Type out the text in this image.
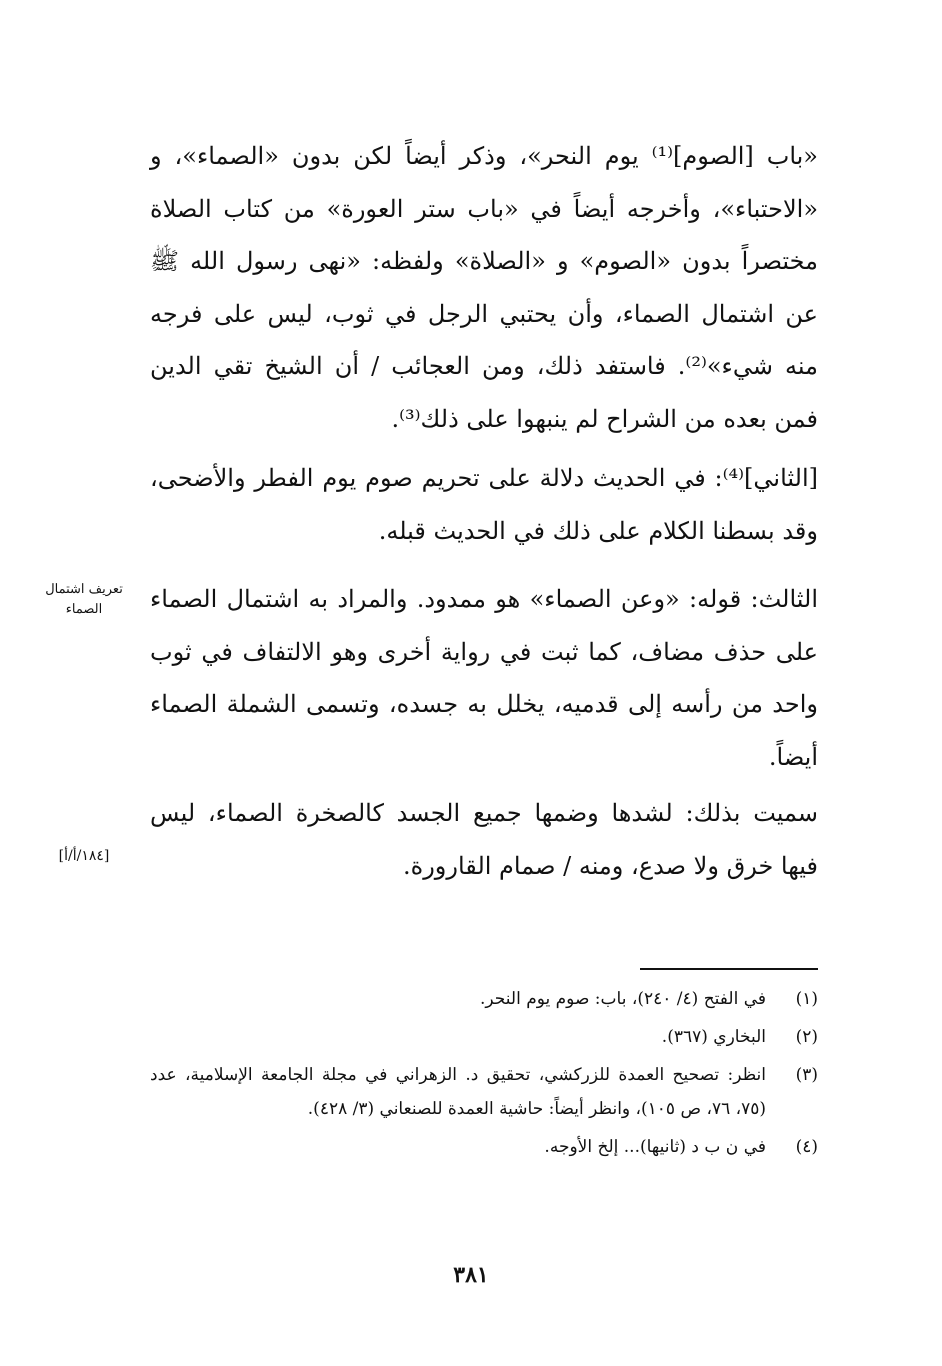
«باب [الصوم]⁽¹⁾ يوم النحر»، وذكر أيضاً لكن بدون «الصماء»، و «الاحتباء»، وأخرجه أيضاً في «باب ستر العورة» من كتاب الصلاة مختصراً بدون «الصوم» و «الصلاة» ولفظه: «نهى رسول الله ﷺ عن اشتمال الصماء، وأن يحتبي الرجل في ثوب، ليس على فرجه منه شيء»⁽²⁾. فاستفد ذلك، ومن العجائب / أن الشيخ تقي الدين فمن بعده من الشراح لم ينبهوا على ذلك⁽³⁾.

[الثاني]⁽⁴⁾: في الحديث دلالة على تحريم صوم يوم الفطر والأضحى، وقد بسطنا الكلام على ذلك في الحديث قبله.

الثالث: قوله: «وعن الصماء» هو ممدود. والمراد به اشتمال الصماء على حذف مضاف، كما ثبت في رواية أخرى وهو الالتفاف في ثوب واحد من رأسه إلى قدميه، يخلل به جسده، وتسمى الشملة الصماء أيضاً.

سميت بذلك: لشدها وضمها جميع الجسد كالصخرة الصماء، ليس فيها خرق ولا صدع، ومنه / صمام القارورة.

تعريف اشتمال
الصماء
[١٨٤/أ/أ]
(١)
في الفتح (٤/ ٢٤٠)، باب: صوم يوم النحر.
(٢)
البخاري (٣٦٧).
(٣)
انظر: تصحيح العمدة للزركشي، تحقيق د. الزهراني في مجلة الجامعة الإسلامية، عدد (٧٥، ٧٦، ص ١٠٥)، وانظر أيضاً: حاشية العمدة للصنعاني (٣/ ٤٢٨).
(٤)
في ن ب د (ثانيها)... إلخ الأوجه.
٣٨١
